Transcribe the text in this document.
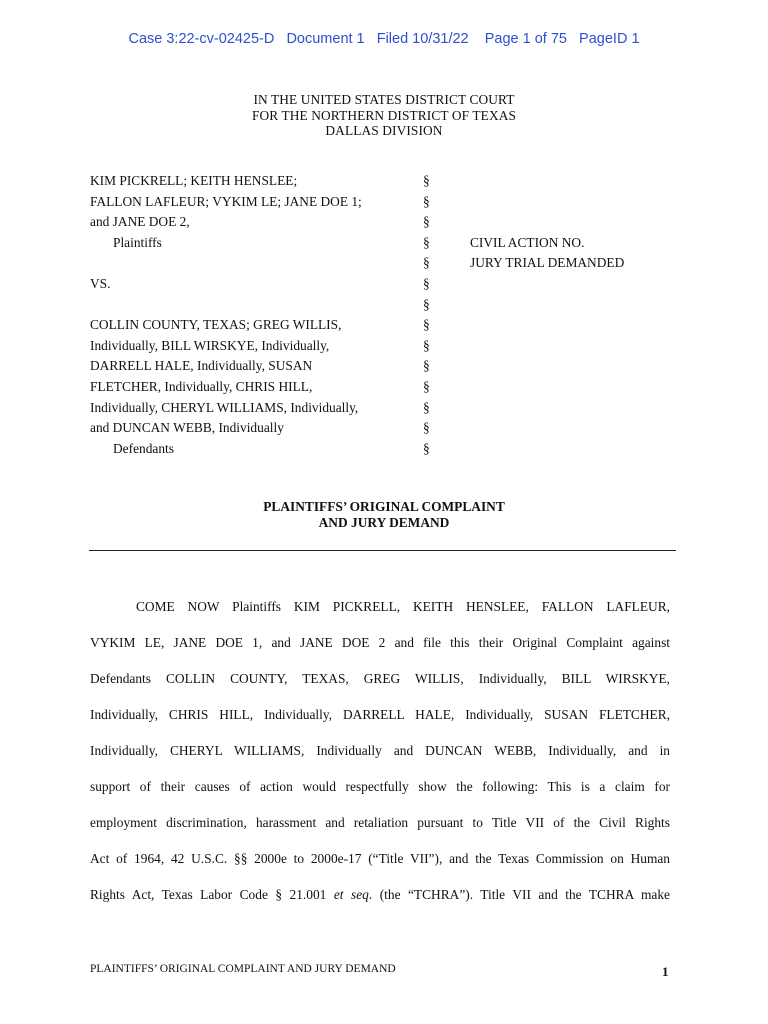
Case 3:22-cv-02425-D   Document 1   Filed 10/31/22    Page 1 of 75   PageID 1
IN THE UNITED STATES DISTRICT COURT
FOR THE NORTHERN DISTRICT OF TEXAS
DALLAS DIVISION
KIM PICKRELL; KEITH HENSLEE;	§
FALLON LAFLEUR; VYKIM LE; JANE DOE 1;	§
and JANE DOE 2,	§
Plaintiffs	§	CIVIL ACTION NO.
§	JURY TRIAL DEMANDED
VS.	§
§
COLLIN COUNTY, TEXAS; GREG WILLIS,	§
Individually, BILL WIRSKYE, Individually,	§
DARRELL HALE, Individually, SUSAN	§
FLETCHER, Individually, CHRIS HILL,	§
Individually, CHERYL WILLIAMS, Individually,	§
and DUNCAN WEBB, Individually	§
Defendants	§
PLAINTIFFS’ ORIGINAL COMPLAINT
AND JURY DEMAND
COME NOW Plaintiffs KIM PICKRELL, KEITH HENSLEE, FALLON LAFLEUR,
VYKIM LE, JANE DOE 1, and JANE DOE 2 and file this their Original Complaint against
Defendants COLLIN COUNTY, TEXAS, GREG WILLIS, Individually, BILL WIRSKYE,
Individually, CHRIS HILL, Individually, DARRELL HALE, Individually, SUSAN FLETCHER,
Individually, CHERYL WILLIAMS, Individually and DUNCAN WEBB, Individually, and in
support of their causes of action would respectfully show the following: This is a claim for
employment discrimination, harassment and retaliation pursuant to Title VII of the Civil Rights
Act of 1964, 42 U.S.C. §§ 2000e to 2000e-17 (“Title VII”), and the Texas Commission on Human
Rights Act, Texas Labor Code § 21.001 et seq. (the “TCHRA”). Title VII and the TCHRA make
PLAINTIFFS’ ORIGINAL COMPLAINT AND JURY DEMAND	1
